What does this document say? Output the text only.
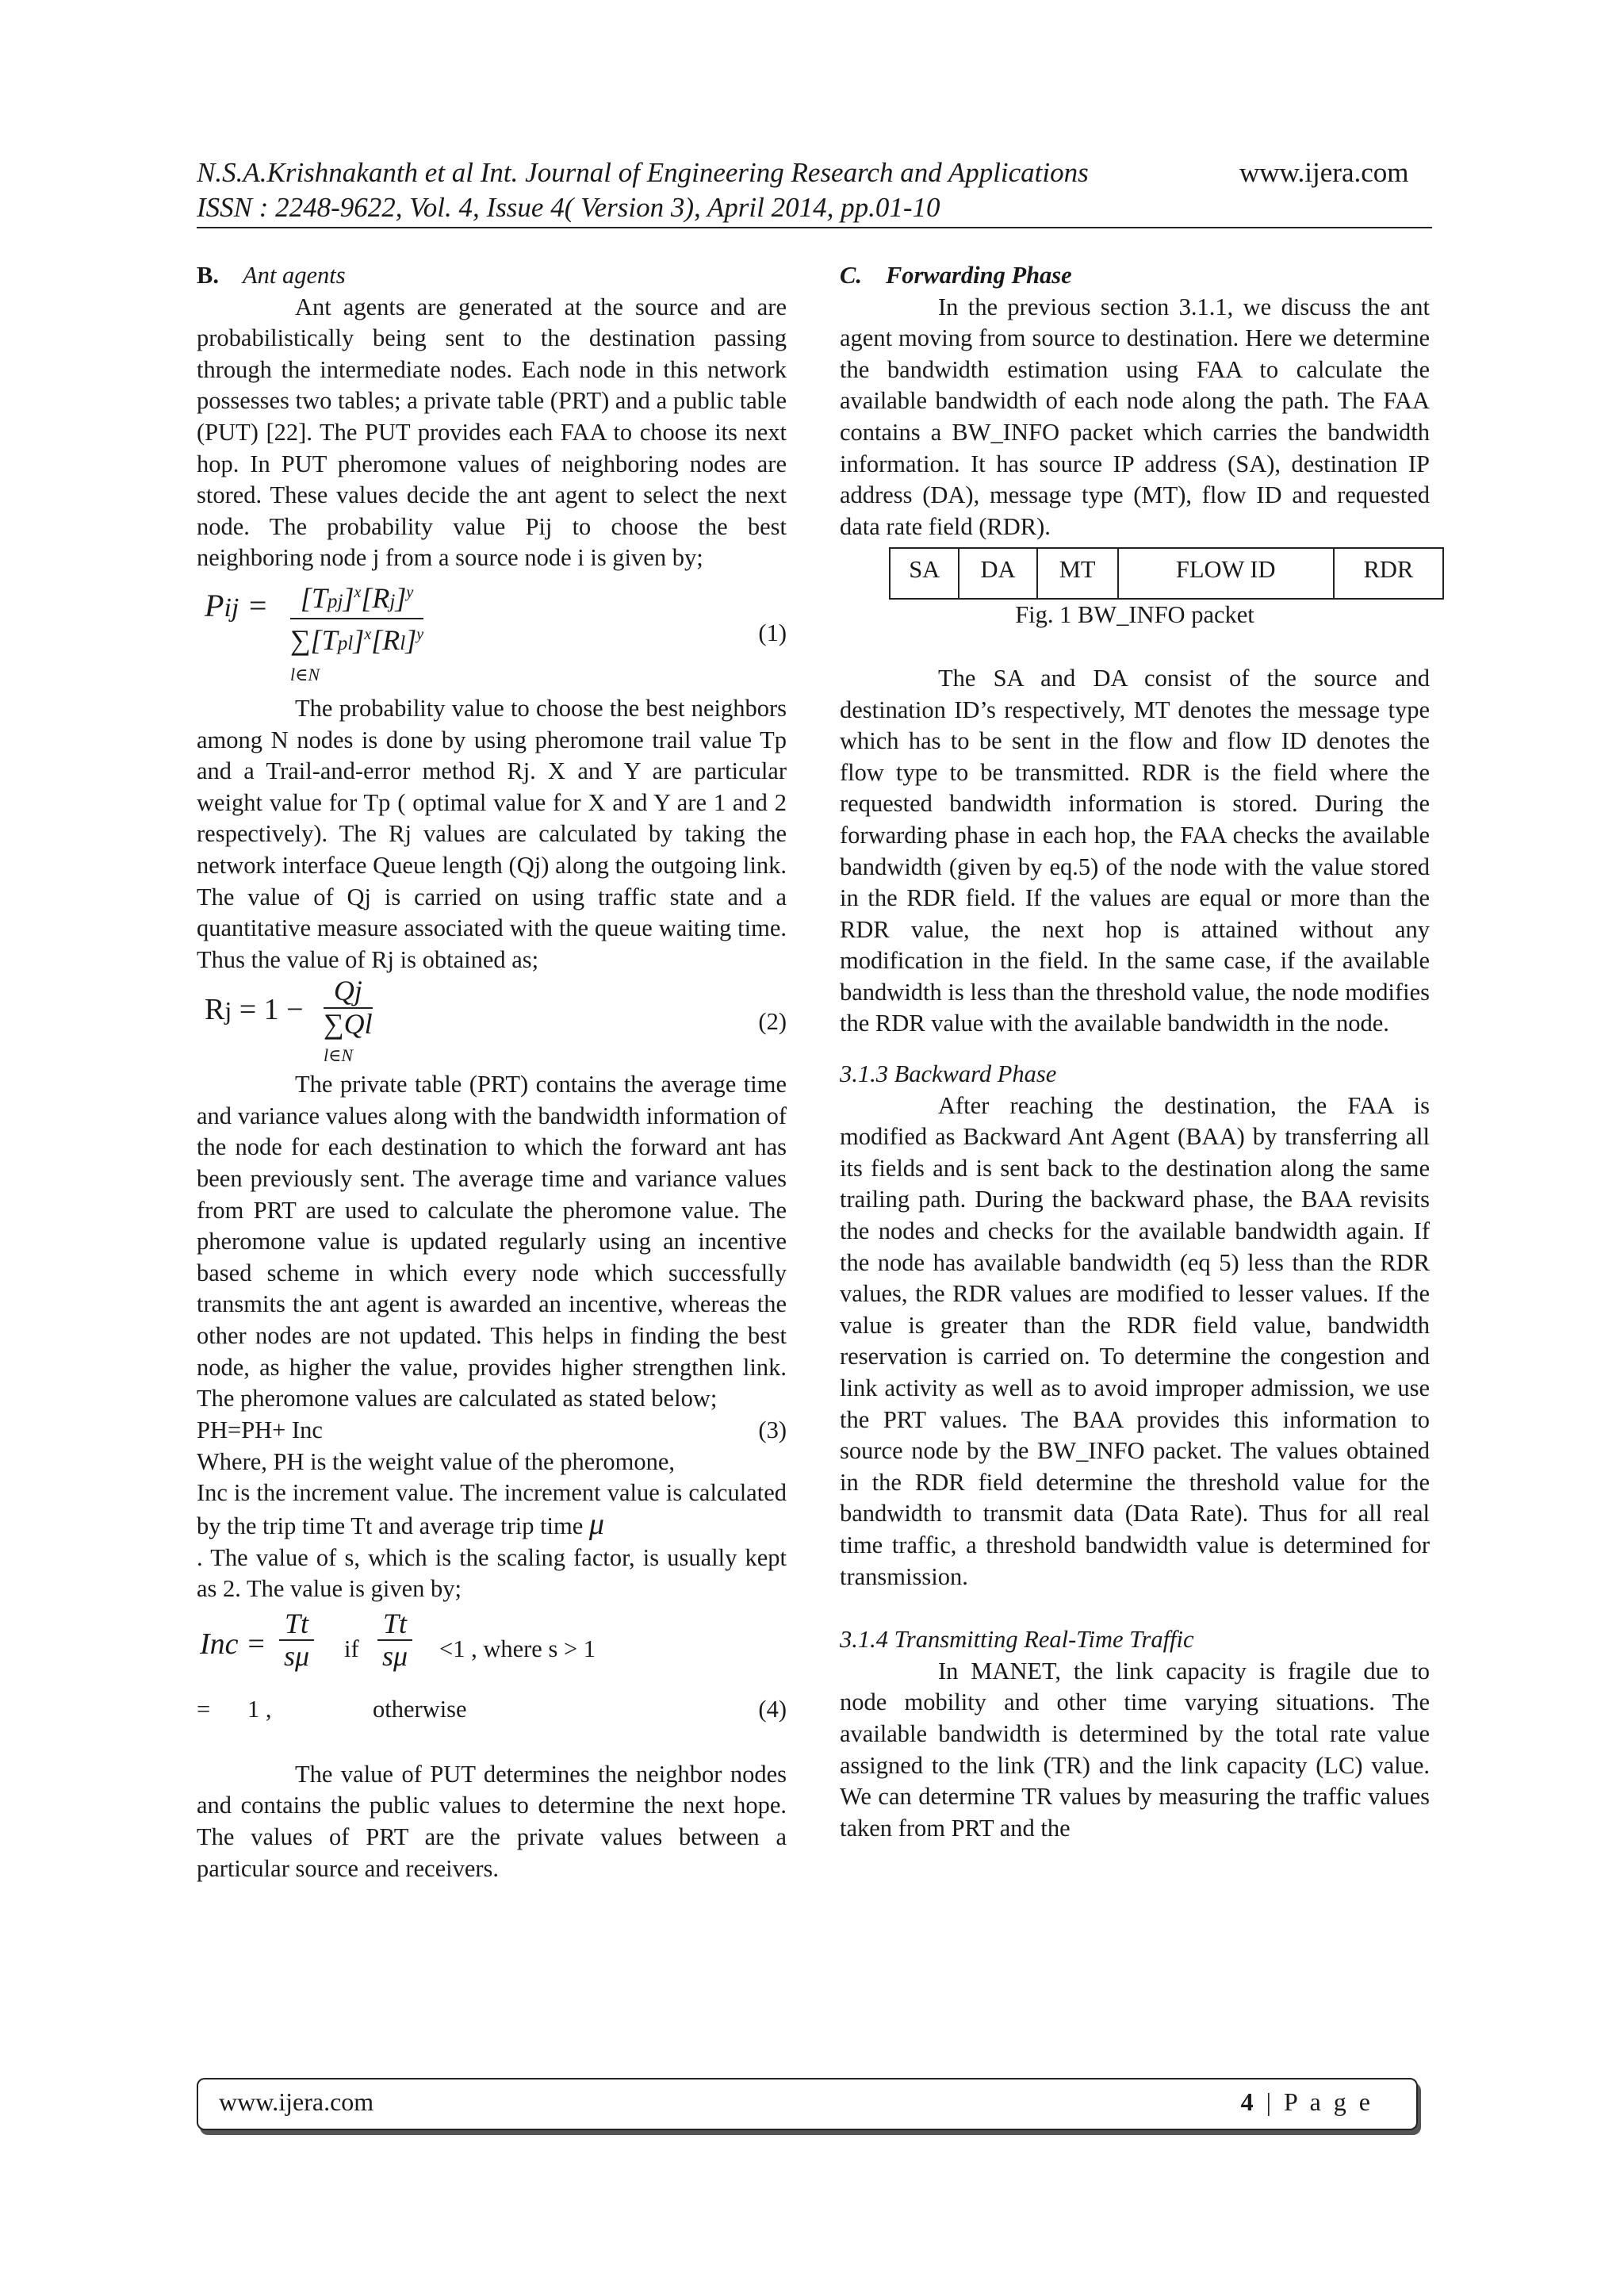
N.S.A.Krishnakanth et al Int. Journal of Engineering Research and Applications
ISSN : 2248-9622, Vol. 4, Issue 4( Version 3), April 2014, pp.01-10
www.ijera.com

B. Ant agents

Ant agents are generated at the source and are probabilistically being sent to the destination passing through the intermediate nodes. Each node in this network possesses two tables; a private table (PRT) and a public table (PUT) [22]. The PUT provides each FAA to choose its next hop. In PUT pheromone values of neighboring nodes are stored. These values decide the ant agent to select the next node. The probability value Pij to choose the best neighboring node j from a source node i is given by;

Pij =	$[Tpj]^x[Rj]^y$
$\sum[Tpl]^x[Rl]^y$
l∈N
(1)

The probability value to choose the best neighbors among N nodes is done by using pheromone trail value Tp and a Trail-and-error method Rj. X and Y are particular weight value for Tp ( optimal value for X and Y are 1 and 2 respectively). The Rj values are calculated by taking the network interface Queue length (Qj) along the outgoing link. The value of Qj is carried on using traffic state and a quantitative measure associated with the queue waiting time. Thus the value of Rj is obtained as;

Rj = 1 −
Qj
∑Ql
l∈N
(2)

The private table (PRT) contains the average time and variance values along with the bandwidth information of the node for each destination to which the forward ant has been previously sent. The average time and variance values from PRT are used to calculate the pheromone value. The pheromone value is updated regularly using an incentive based scheme in which every node which successfully transmits the ant agent is awarded an incentive, whereas the other nodes are not updated. This helps in finding the best node, as higher the value, provides higher strengthen link. The pheromone values are calculated as stated below;

PH=PH+ Inc	(3)

Where, PH is the weight value of the pheromone,

Inc is the increment value. The increment value is calculated by the trip time Tt and average trip time μ

. The value of s, which is the scaling factor, is usually kept as 2. The value is given by;

Inc = $\frac{Tt}{s\mu}$ if $\frac{Tt}{s\mu} <1$ , where s > 1
= 1 ,	otherwise	(4)

The value of PUT determines the neighbor nodes and contains the public values to determine the next hope. The values of PRT are the private values between a particular source and receivers.

C. Forwarding Phase

In the previous section 3.1.1, we discuss the ant agent moving from source to destination. Here we determine the bandwidth estimation using FAA to calculate the available bandwidth of each node along the path. The FAA contains a BW_INFO packet which carries the bandwidth information. It has source IP address (SA), destination IP address (DA), message type (MT), flow ID and requested data rate field (RDR).

SA	DA	MT	FLOW ID	RDR

Fig. 1 BW_INFO packet

The SA and DA consist of the source and destination ID’s respectively, MT denotes the message type which has to be sent in the flow and flow ID denotes the flow type to be transmitted. RDR is the field where the requested bandwidth information is stored. During the forwarding phase in each hop, the FAA checks the available bandwidth (given by eq.5) of the node with the value stored in the RDR field. If the values are equal or more than the RDR value, the next hop is attained without any modification in the field. In the same case, if the available bandwidth is less than the threshold value, the node modifies the RDR value with the available bandwidth in the node.

3.1.3 Backward Phase

After reaching the destination, the FAA is modified as Backward Ant Agent (BAA) by transferring all its fields and is sent back to the destination along the same trailing path. During the backward phase, the BAA revisits the nodes and checks for the available bandwidth again. If the node has available bandwidth (eq 5) less than the RDR values, the RDR values are modified to lesser values. If the value is greater than the RDR field value, bandwidth reservation is carried on. To determine the congestion and link activity as well as to avoid improper admission, we use the PRT values. The BAA provides this information to source node by the BW_INFO packet. The values obtained in the RDR field determine the threshold value for the bandwidth to transmit data (Data Rate). Thus for all real time traffic, a threshold bandwidth value is determined for transmission.

3.1.4 Transmitting Real-Time Traffic

In MANET, the link capacity is fragile due to node mobility and other time varying situations. The available bandwidth is determined by the total rate value assigned to the link (TR) and the link capacity (LC) value. We can determine TR values by measuring the traffic values taken from PRT and the

www.ijera.com	4 | P a g e
